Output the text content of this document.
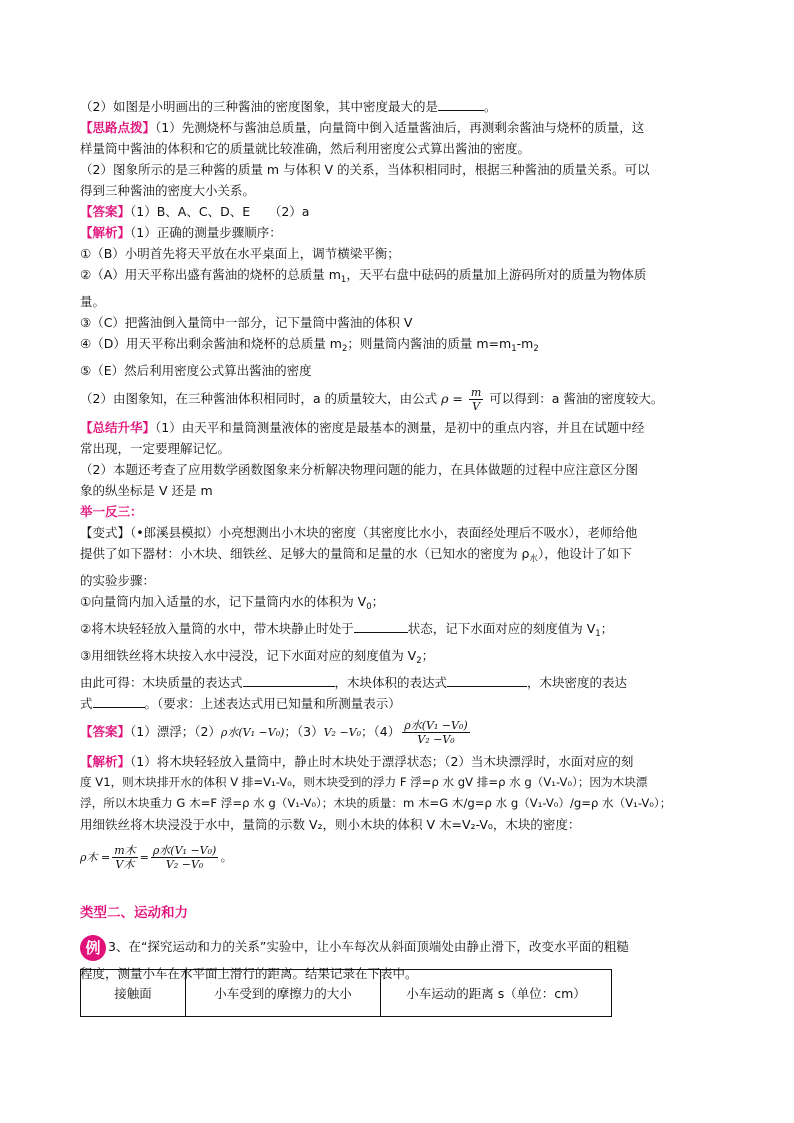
（2）如图是小明画出的三种酱油的密度图象，其中密度最大的是	。
【思路点拨】（1）先测烧杯与酱油总质量，向量筒中倒入适量酱油后，再测剩余酱油与烧杯的质量，这
样量筒中酱油的体积和它的质量就比较准确，然后利用密度公式算出酱油的密度。
（2）图象所示的是三种酱的质量 m 与体积 V 的关系，当体积相同时，根据三种酱油的质量关系。可以
得到三种酱油的密度大小关系。
【答案】（1）B、A、C、D、E　　（2）a
【解析】（1）正确的测量步骤顺序：
①（B）小明首先将天平放在水平桌面上，调节横梁平衡；
②（A）用天平称出盛有酱油的烧杯的总质量 $m_1$，天平右盘中砝码的质量加上游码所对的质量为物体质
量。
③（C）把酱油倒入量筒中一部分，记下量筒中酱油的体积 V
④（D）用天平称出剩余酱油和烧杯的总质量 $m_2$；则量筒内酱油的质量 $m=m_1-m_2$
⑤（E）然后利用密度公式算出酱油的密度
（2）由图象知，在三种酱油体积相同时，a 的质量较大，由公式 $\rho = \frac{m}{V}$ 可以得到：a 酱油的密度较大。
【总结升华】（1）由天平和量筒测量液体的密度是最基本的测量，是初中的重点内容，并且在试题中经
常出现，一定要理解记忆。
（2）本题还考查了应用数学函数图象来分析解决物理问题的能力，在具体做题的过程中应注意区分图
象的纵坐标是 V 还是 m
举一反三：
【变式】（•郎溪县模拟）小亮想测出小木块的密度（其密度比水小，表面经处理后不吸水），老师给他
提供了如下器材：小木块、细铁丝、足够大的量筒和足量的水（已知水的密度为 $\rho_水$），他设计了如下
的实验步骤：
①向量筒内加入适量的水，记下量筒内水的体积为 $V_0$；
②将木块轻轻放入量筒的水中，带木块静止时处于	状态，记下水面对应的刻度值为 $V_1$；
③用细铁丝将木块按入水中浸没，记下水面对应的刻度值为 $V_2$；
由此可得：木块质量的表达式	，木块体积的表达式	，木块密度的表达
式	。（要求：上述表达式用已知量和所测量表示）
【答案】（1）漂浮；（2）ρ水(V₁ −V₀)；（3）V₂ −V₀；$(4) \frac{\text{ρ水(V₁ −V₀)}}{\text{V₂ −V₀}}$
【解析】（1）将木块轻轻放入量筒中，静止时木块处于漂浮状态；（2）当木块漂浮时，水面对应的刻
度 V1，则木块排开水的体积 V 排=V₁-V₀，则木块受到的浮力 F 浮=ρ 水 gV 排=ρ 水 g（V₁-V₀）；因为木块漂
浮，所以木块重力 G 木=F 浮=ρ 水 g（V₁-V₀）；木块的质量：m 木=G 木/g=ρ 水 g（V₁-V₀）/g=ρ 水（V₁-V₀）；
用细铁丝将木块浸没于水中，量筒的示数 V₂，则小木块的体积 V 木=V₂-V₀，木块的密度：
ρ木 = $\frac{\text{m木}}{\text{V木}} = \frac{\text{ρ水(V₁ −V₀)}}{\text{V₂ −V₀}}$ 。
类型二、运动和力
例 3、在“探究运动和力的关系”实验中，让小车每次从斜面顶端处由静止滑下，改变水平面的粗糙
程度，测量小车在水平面上滑行的距离。结果记录在下表中。
接触面	小车受到的摩擦力的大小	小车运动的距离 s（单位：cm）
